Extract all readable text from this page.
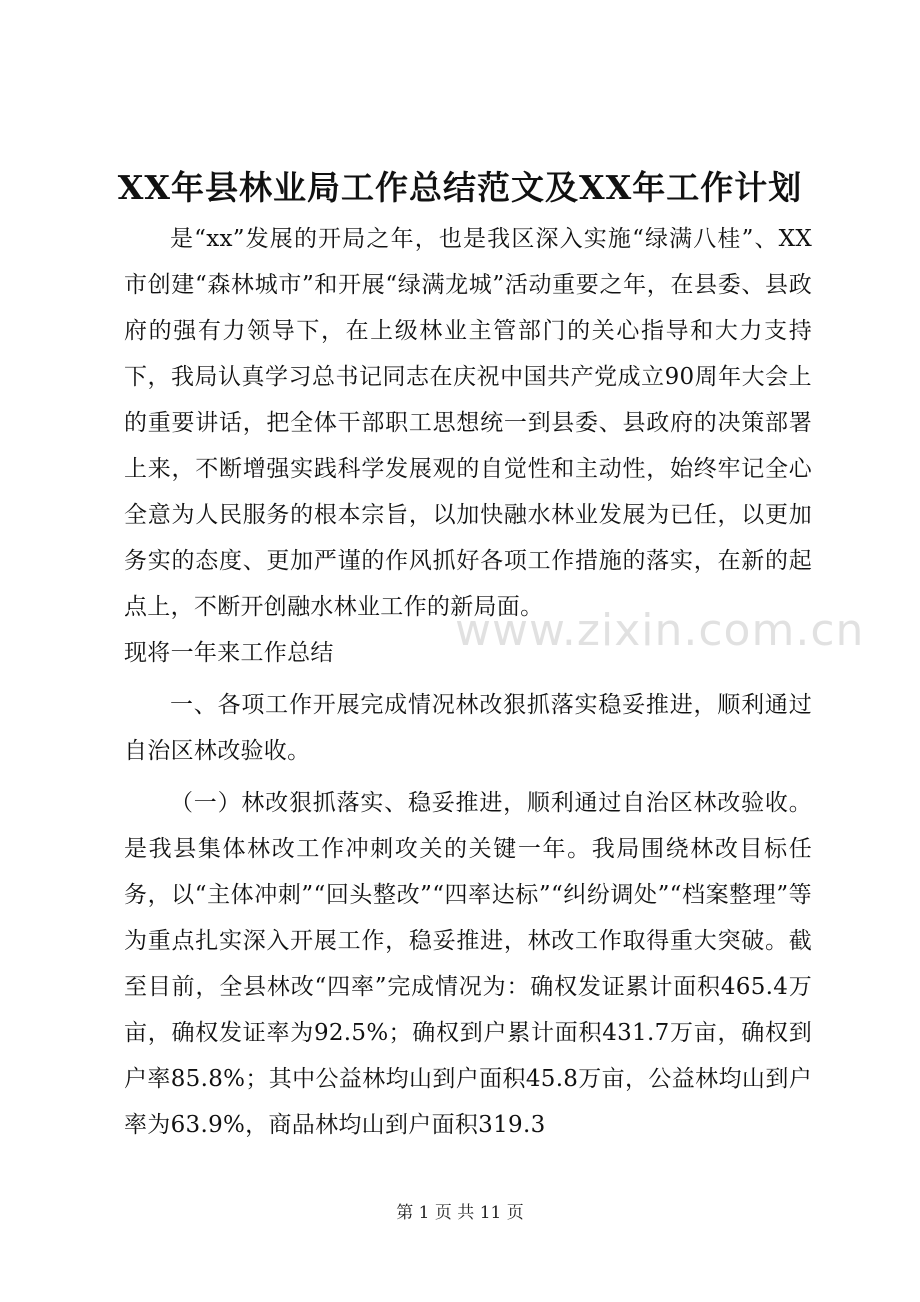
XX年县林业局工作总结范文及XX年工作计划

是“xx”发展的开局之年，也是我区深入实施“绿满八桂”、XX市创建“森林城市”和开展“绿满龙城”活动重要之年，在县委、县政府的强有力领导下，在上级林业主管部门的关心指导和大力支持下，我局认真学习总书记同志在庆祝中国共产党成立90周年大会上的重要讲话，把全体干部职工思想统一到县委、县政府的决策部署上来，不断增强实践科学发展观的自觉性和主动性，始终牢记全心全意为人民服务的根本宗旨，以加快融水林业发展为已任，以更加务实的态度、更加严谨的作风抓好各项工作措施的落实，在新的起点上，不断开创融水林业工作的新局面。

现将一年来工作总结

一、各项工作开展完成情况林改狠抓落实稳妥推进，顺利通过自治区林改验收。

（一）林改狠抓落实、稳妥推进，顺利通过自治区林改验收。是我县集体林改工作冲刺攻关的关键一年。我局围绕林改目标任务，以“主体冲刺”“回头整改”“四率达标”“纠纷调处”“档案整理”等为重点扎实深入开展工作，稳妥推进，林改工作取得重大突破。截至目前，全县林改“四率”完成情况为：确权发证累计面积465.4万亩，确权发证率为92.5%；确权到户累计面积431.7万亩，确权到户率85.8%；其中公益林均山到户面积45.8万亩，公益林均山到户率为63.9%，商品林均山到户面积319.3

www.zixin.com.cn
第 1 页 共 11 页
